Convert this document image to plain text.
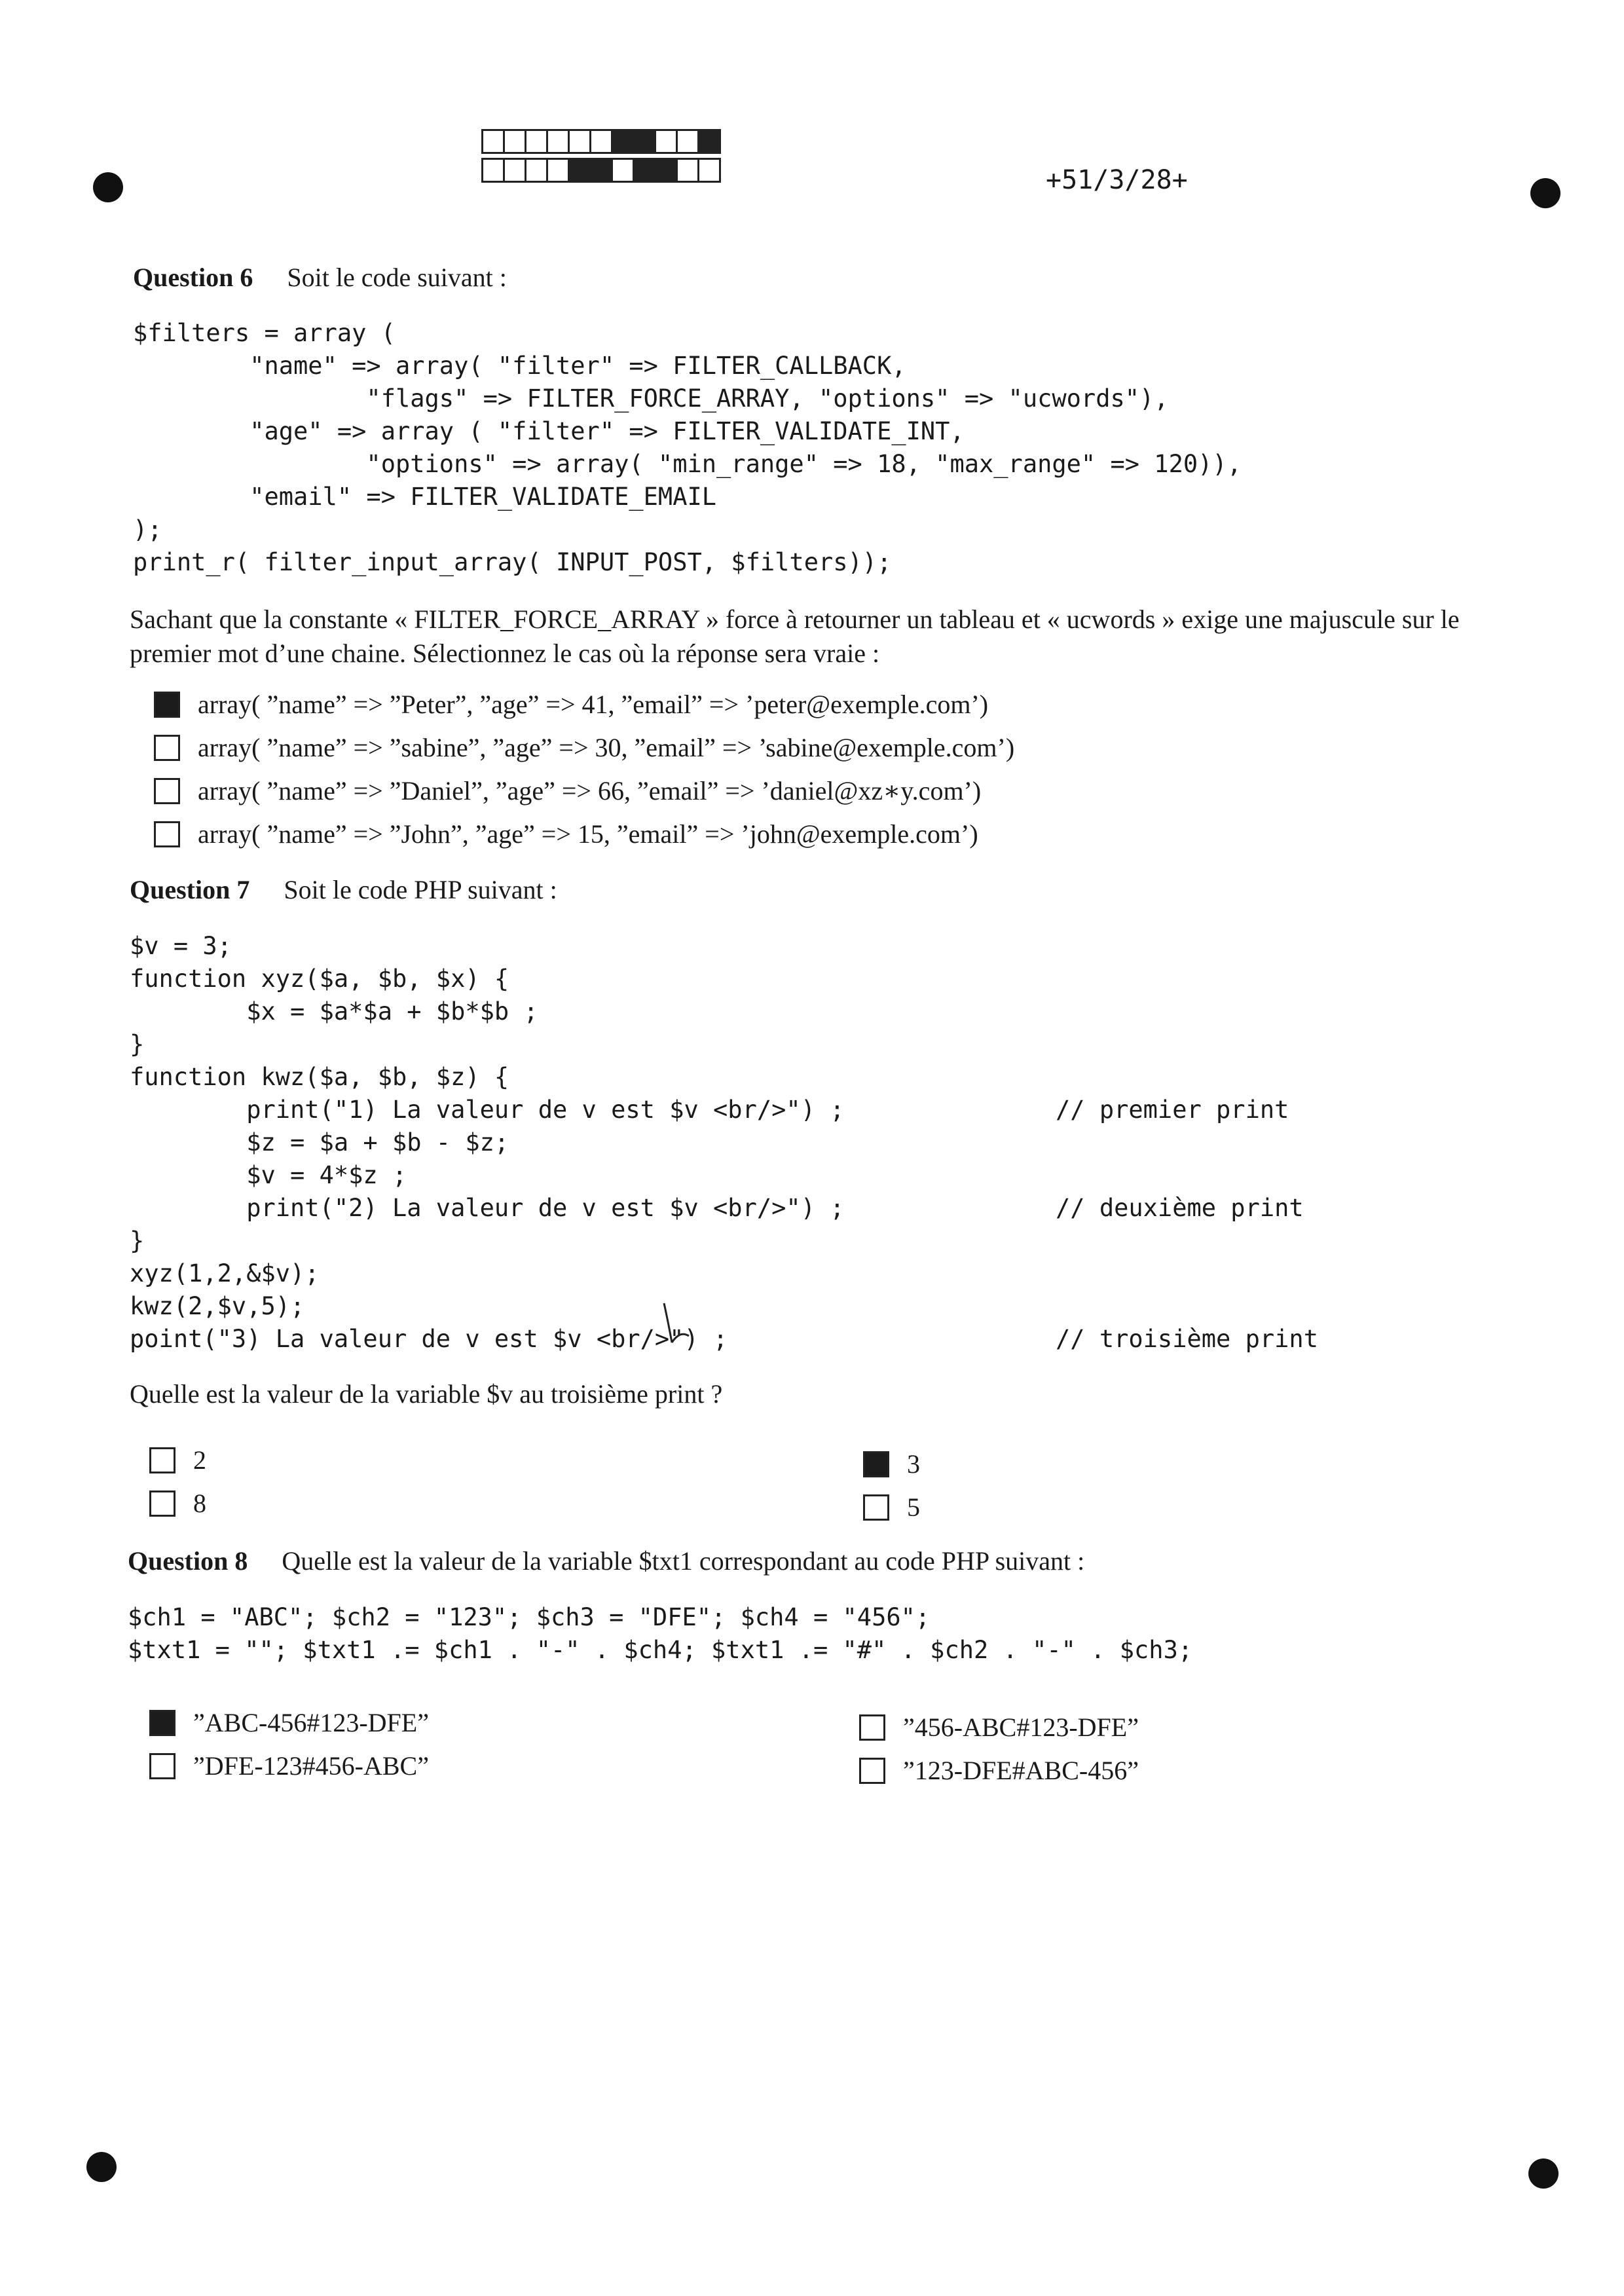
+51/3/28+
Question 6 Soit le code suivant :
$filters = array (
"name" => array( "filter" => FILTER_CALLBACK,
"flags" => FILTER_FORCE_ARRAY, "options" => "ucwords"),
"age" => array ( "filter" => FILTER_VALIDATE_INT,
"options" => array( "min_range" => 18, "max_range" => 120)),
"email" => FILTER_VALIDATE_EMAIL
);
print_r( filter_input_array( INPUT_POST, $filters));
Sachant que la constante « FILTER_FORCE_ARRAY » force à retourner un tableau et « ucwords » exige une majuscule sur le premier mot d’une chaine. Sélectionnez le cas où la réponse sera vraie :
array( ”name” => ”Peter”, ”age” => 41, ”email” => ’peter@exemple.com’)
array( ”name” => ”sabine”, ”age” => 30, ”email” => ’sabine@exemple.com’)
array( ”name” => ”Daniel”, ”age” => 66, ”email” => ’daniel@xz∗y.com’)
array( ”name” => ”John”, ”age” => 15, ”email” => ’john@exemple.com’)
Question 7 Soit le code PHP suivant :
$v = 3;
function xyz($a, $b, $x) {
$x = $a*$a + $b*$b ;
}
function kwz($a, $b, $z) {
print("1) La valeur de v est $v <br/>") ;
$z = $a + $b - $z;
$v = 4*$z ;
print("2) La valeur de v est $v <br/>") ;
}
xyz(1,2,&$v);
kwz(2,$v,5);
point("3) La valeur de v est $v <br/>") ;
// premier print
// deuxième print
// troisième print
Quelle est la valeur de la variable $v au troisième print ?
2
8
3
5
Question 8 Quelle est la valeur de la variable $txt1 correspondant au code PHP suivant :
$ch1 = "ABC"; $ch2 = "123"; $ch3 = "DFE"; $ch4 = "456";
$txt1 = ""; $txt1 .= $ch1 . "-" . $ch4; $txt1 .= "#" . $ch2 . "-" . $ch3;
”ABC-456#123-DFE”
”DFE-123#456-ABC”
”456-ABC#123-DFE”
”123-DFE#ABC-456”
